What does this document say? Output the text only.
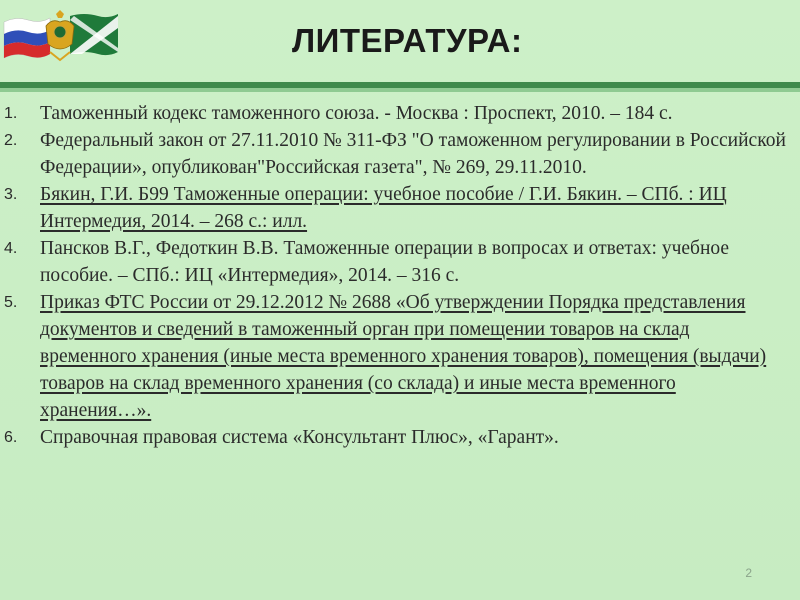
ЛИТЕРАТУРА:
1. Таможенный кодекс таможенного союза. - Москва : Проспект, 2010. – 184 с.
2. Федеральный закон от 27.11.2010 № 311-ФЗ "О таможенном регулировании в Российской Федерации», опубликован"Российская газета", № 269, 29.11.2010.
3. Бякин, Г.И. Б99 Таможенные операции: учебное пособие / Г.И. Бякин. – СПб. : ИЦ Интермедия, 2014. – 268 с.: илл.
4. Пансков В.Г., Федоткин В.В. Таможенные операции в вопросах и ответах: учебное пособие. – СПб.: ИЦ «Интермедия», 2014. – 316 с.
5. Приказ ФТС России от 29.12.2012 № 2688 «Об утверждении Порядка представления документов и сведений в таможенный орган при помещении товаров на склад временного хранения (иные места временного хранения товаров), помещения (выдачи) товаров на склад временного хранения (со склада) и иные места временного хранения…».
6. Справочная правовая система «Консультант Плюс», «Гарант».
2
